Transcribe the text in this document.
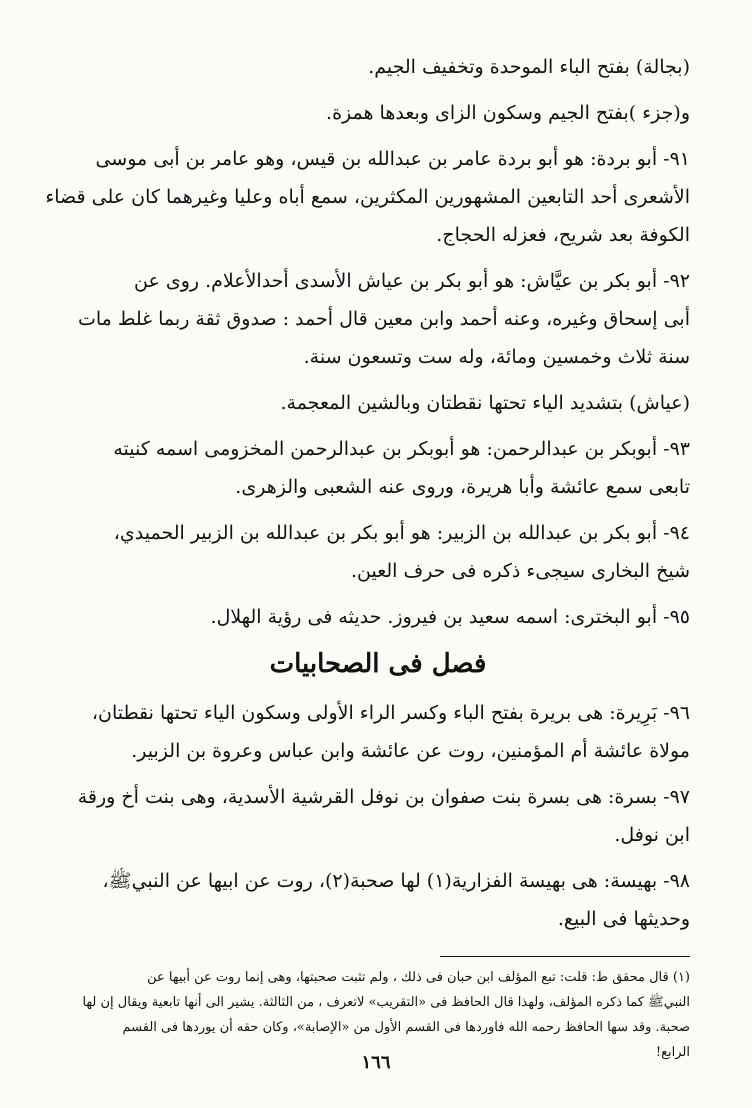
(بجالة) بفتح الباء الموحدة وتخفيف الجيم.

و(جزء )بفتح الجيم وسكون الزاى وبعدها همزة.

٩١- أبو بردة: هو أبو بردة عامر بن عبدالله بن قيس، وهو عامر بن أبى موسى
الأشعرى أحد التابعين المشهورين المكثرين، سمع أباه وعليا وغيرهما كان على قضاء
الكوفة بعد شريح، فعزله الحجاج.

٩٢- أبو بكر بن عيَّاش: هو أبو بكر بن عياش الأسدى أحدالأعلام. روى عن
أبى إسحاق وغيره، وعنه أحمد وابن معين قال أحمد : صدوق ثقة ربما غلط مات
سنة ثلاث وخمسين ومائة، وله ست وتسعون سنة.

(عياش) بتشديد الياء تحتها نقطتان وبالشين المعجمة.

٩٣- أبوبكر بن عبدالرحمن: هو أبوبكر بن عبدالرحمن المخزومى اسمه كنيته
تابعى سمع عائشة وأبا هريرة، وروى عنه الشعبى والزهرى.

٩٤- أبو بكر بن عبدالله بن الزبير: هو أبو بكر بن عبدالله بن الزبير الحميدي،
شيخ البخارى سيجىء ذكره فى حرف العين.

٩٥- أبو البخترى: اسمه سعيد بن فيروز. حديثه فى رؤية الهلال.

فصل فى الصحابيات

٩٦- بَرِيرة: هى بريرة بفتح الباء وكسر الراء الأولى وسكون الياء تحتها نقطتان،
مولاة عائشة أم المؤمنين، روت عن عائشة وابن عباس وعروة بن الزبير.

٩٧- بسرة: هى بسرة بنت صفوان بن نوفل القرشية الأسدية، وهى بنت أخ ورقة
ابن نوفل.

٩٨- بهيسة: هى بهيسة الفزارية(١) لها صحبة(٢)، روت عن ابيها عن النبيﷺ،
وحديثها فى البيع.

(١) قال محقق ط: قلت: تبع المؤلف ابن حبان فى ذلك ، ولم تثبت صحبتها، وهى إنما روت عن أبيها عن
النبيﷺ كما ذكره المؤلف، ولهذا قال الحافظ فى «التقريب» لاتعرف ، من الثالثة. يشير الى أنها تابعية ويقال إن لها
صحبة. وقد سها الحافظ رحمه الله فاوردها فى القسم الأول من «الإصابة»، وكان حقه أن يوردها فى القسم
الرابع!
١٦٦
